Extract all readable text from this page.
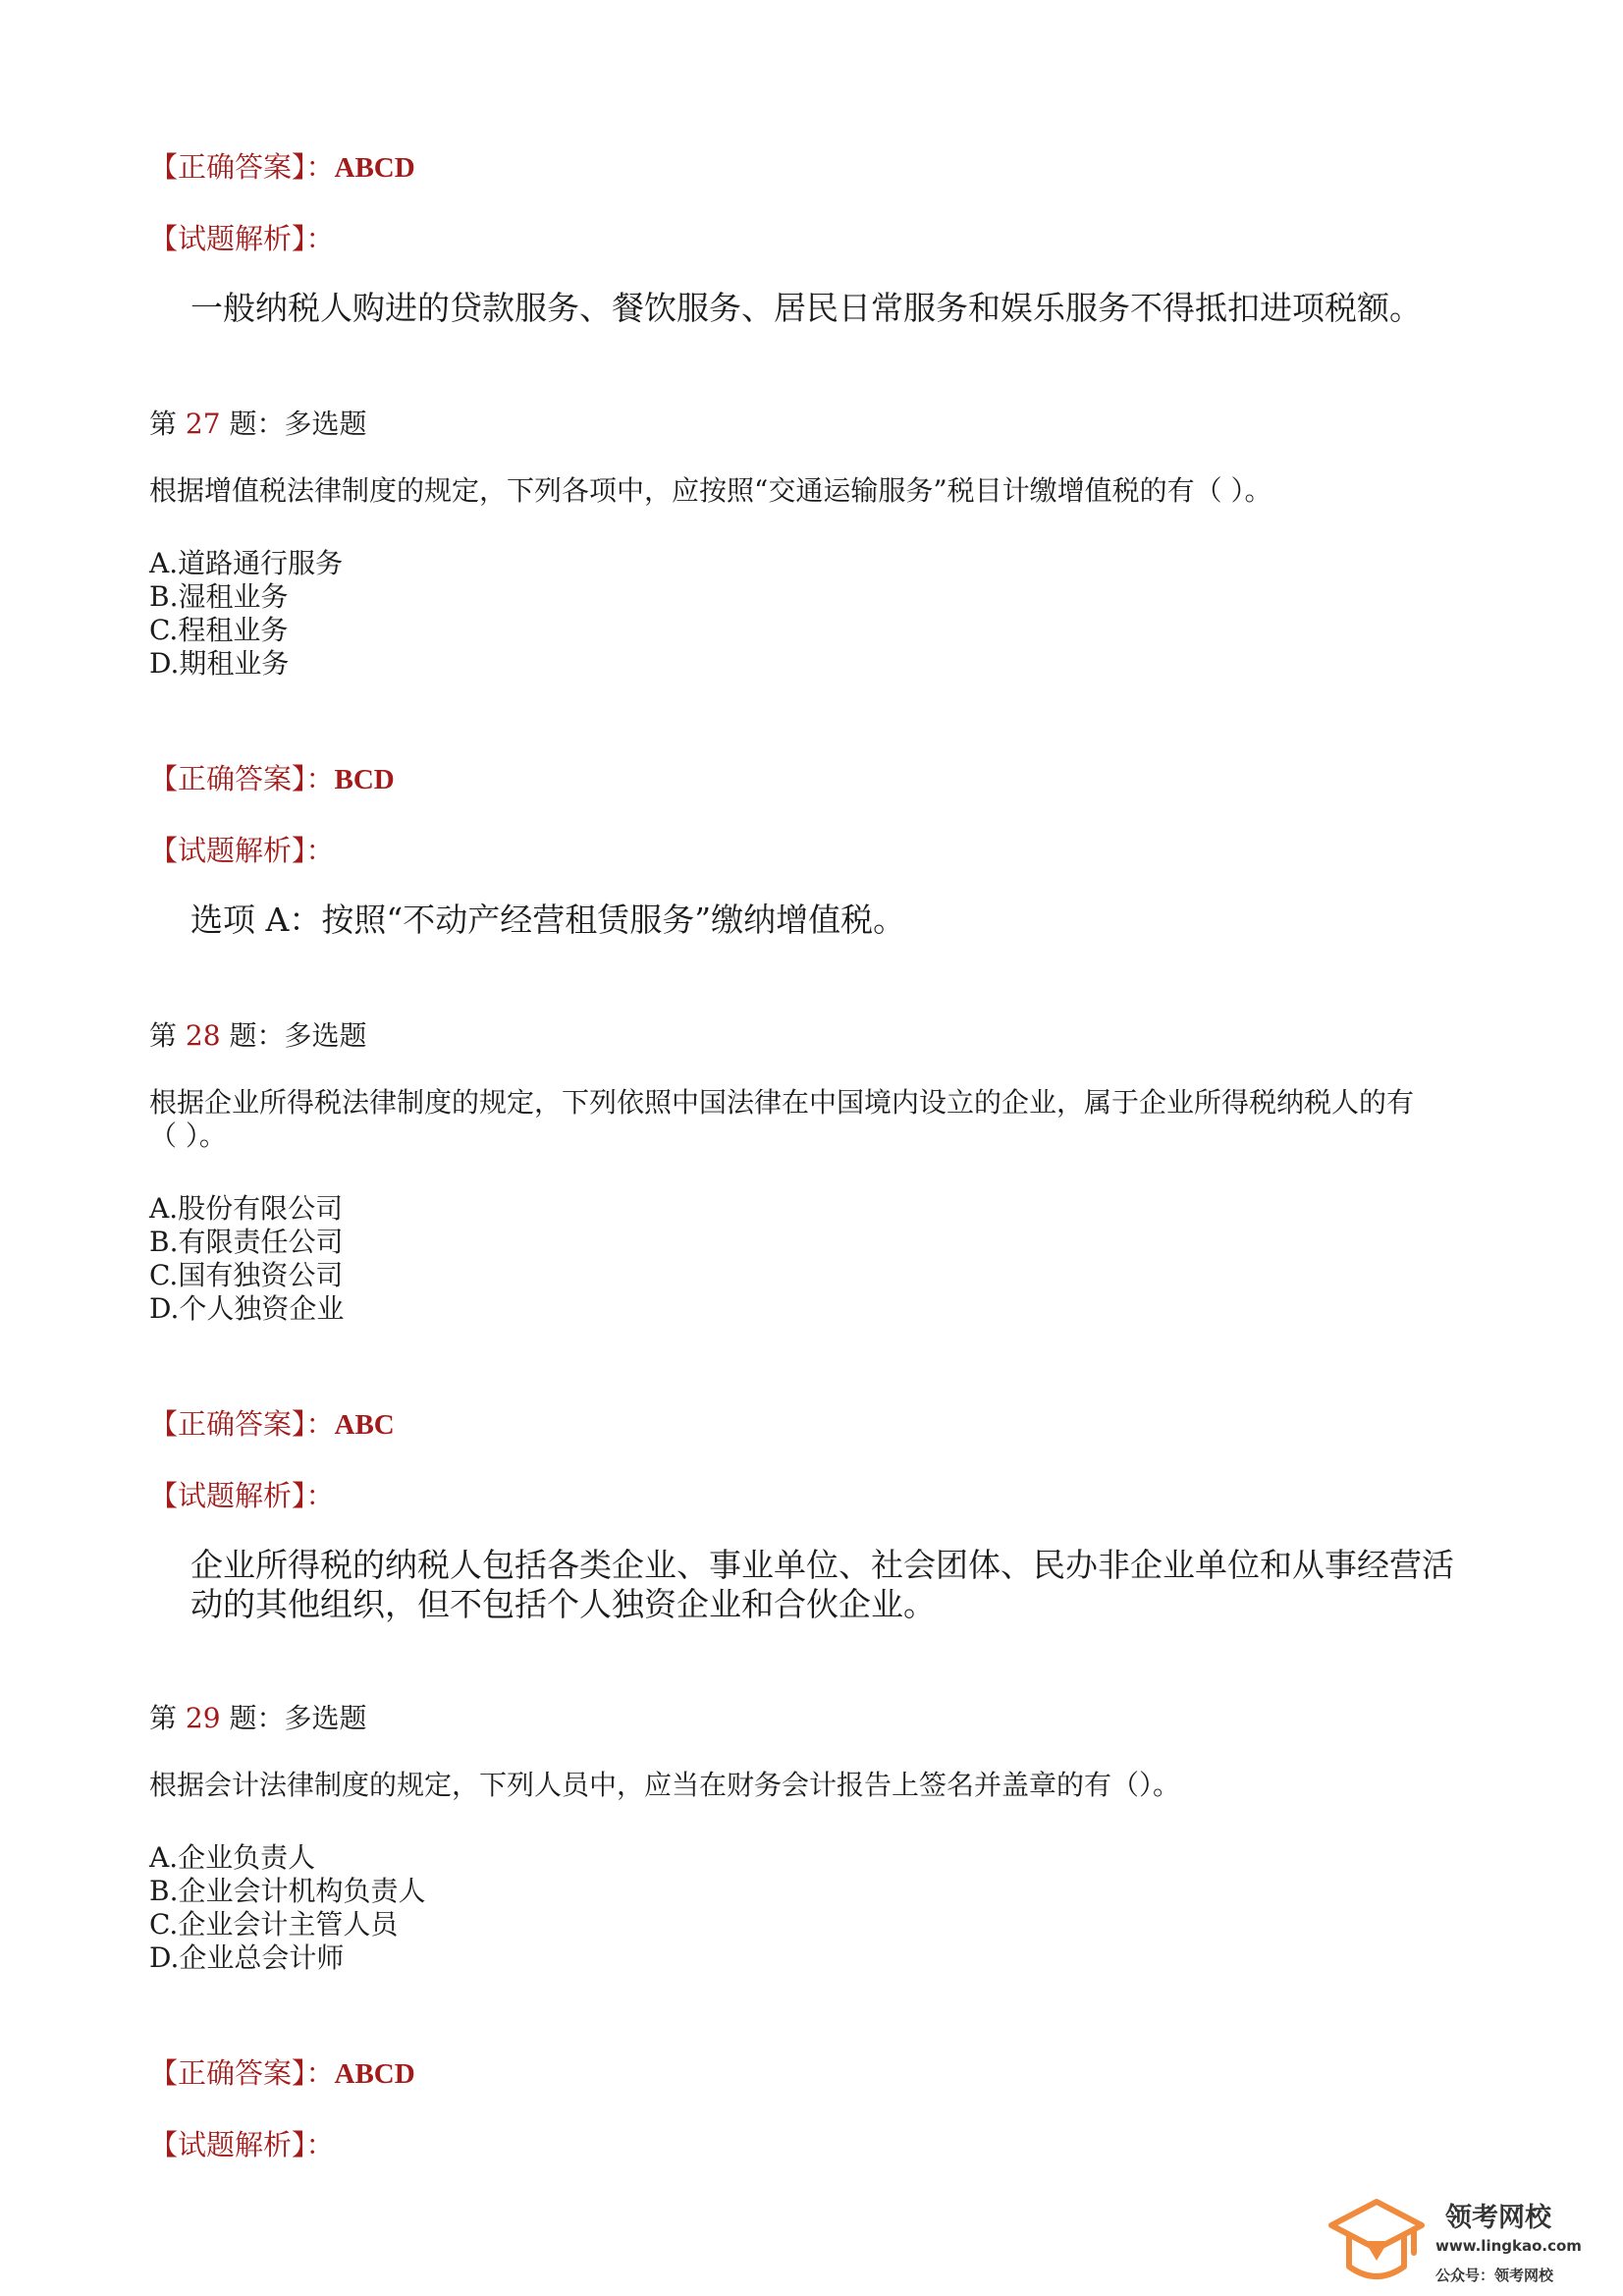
【正确答案】：ABCD
【试题解析】：
一般纳税人购进的贷款服务、餐饮服务、居民日常服务和娱乐服务不得抵扣进项税额。
第 27 题：多选题
根据增值税法律制度的规定，下列各项中，应按照“交通运输服务”税目计缴增值税的有（ ）。
A.道路通行服务
B.湿租业务
C.程租业务
D.期租业务
【正确答案】：BCD
【试题解析】：
选项 A：按照“不动产经营租赁服务”缴纳增值税。
第 28 题：多选题
根据企业所得税法律制度的规定，下列依照中国法律在中国境内设立的企业，属于企业所得税纳税人的有
（ ）。
A.股份有限公司
B.有限责任公司
C.国有独资公司
D.个人独资企业
【正确答案】：ABC
【试题解析】：
企业所得税的纳税人包括各类企业、事业单位、社会团体、民办非企业单位和从事经营活
动的其他组织，但不包括个人独资企业和合伙企业。
第 29 题：多选题
根据会计法律制度的规定，下列人员中，应当在财务会计报告上签名并盖章的有（）。
A.企业负责人
B.企业会计机构负责人
C.企业会计主管人员
D.企业总会计师
【正确答案】：ABCD
【试题解析】：
领考网校
www.lingkao.com
公众号：领考网校
